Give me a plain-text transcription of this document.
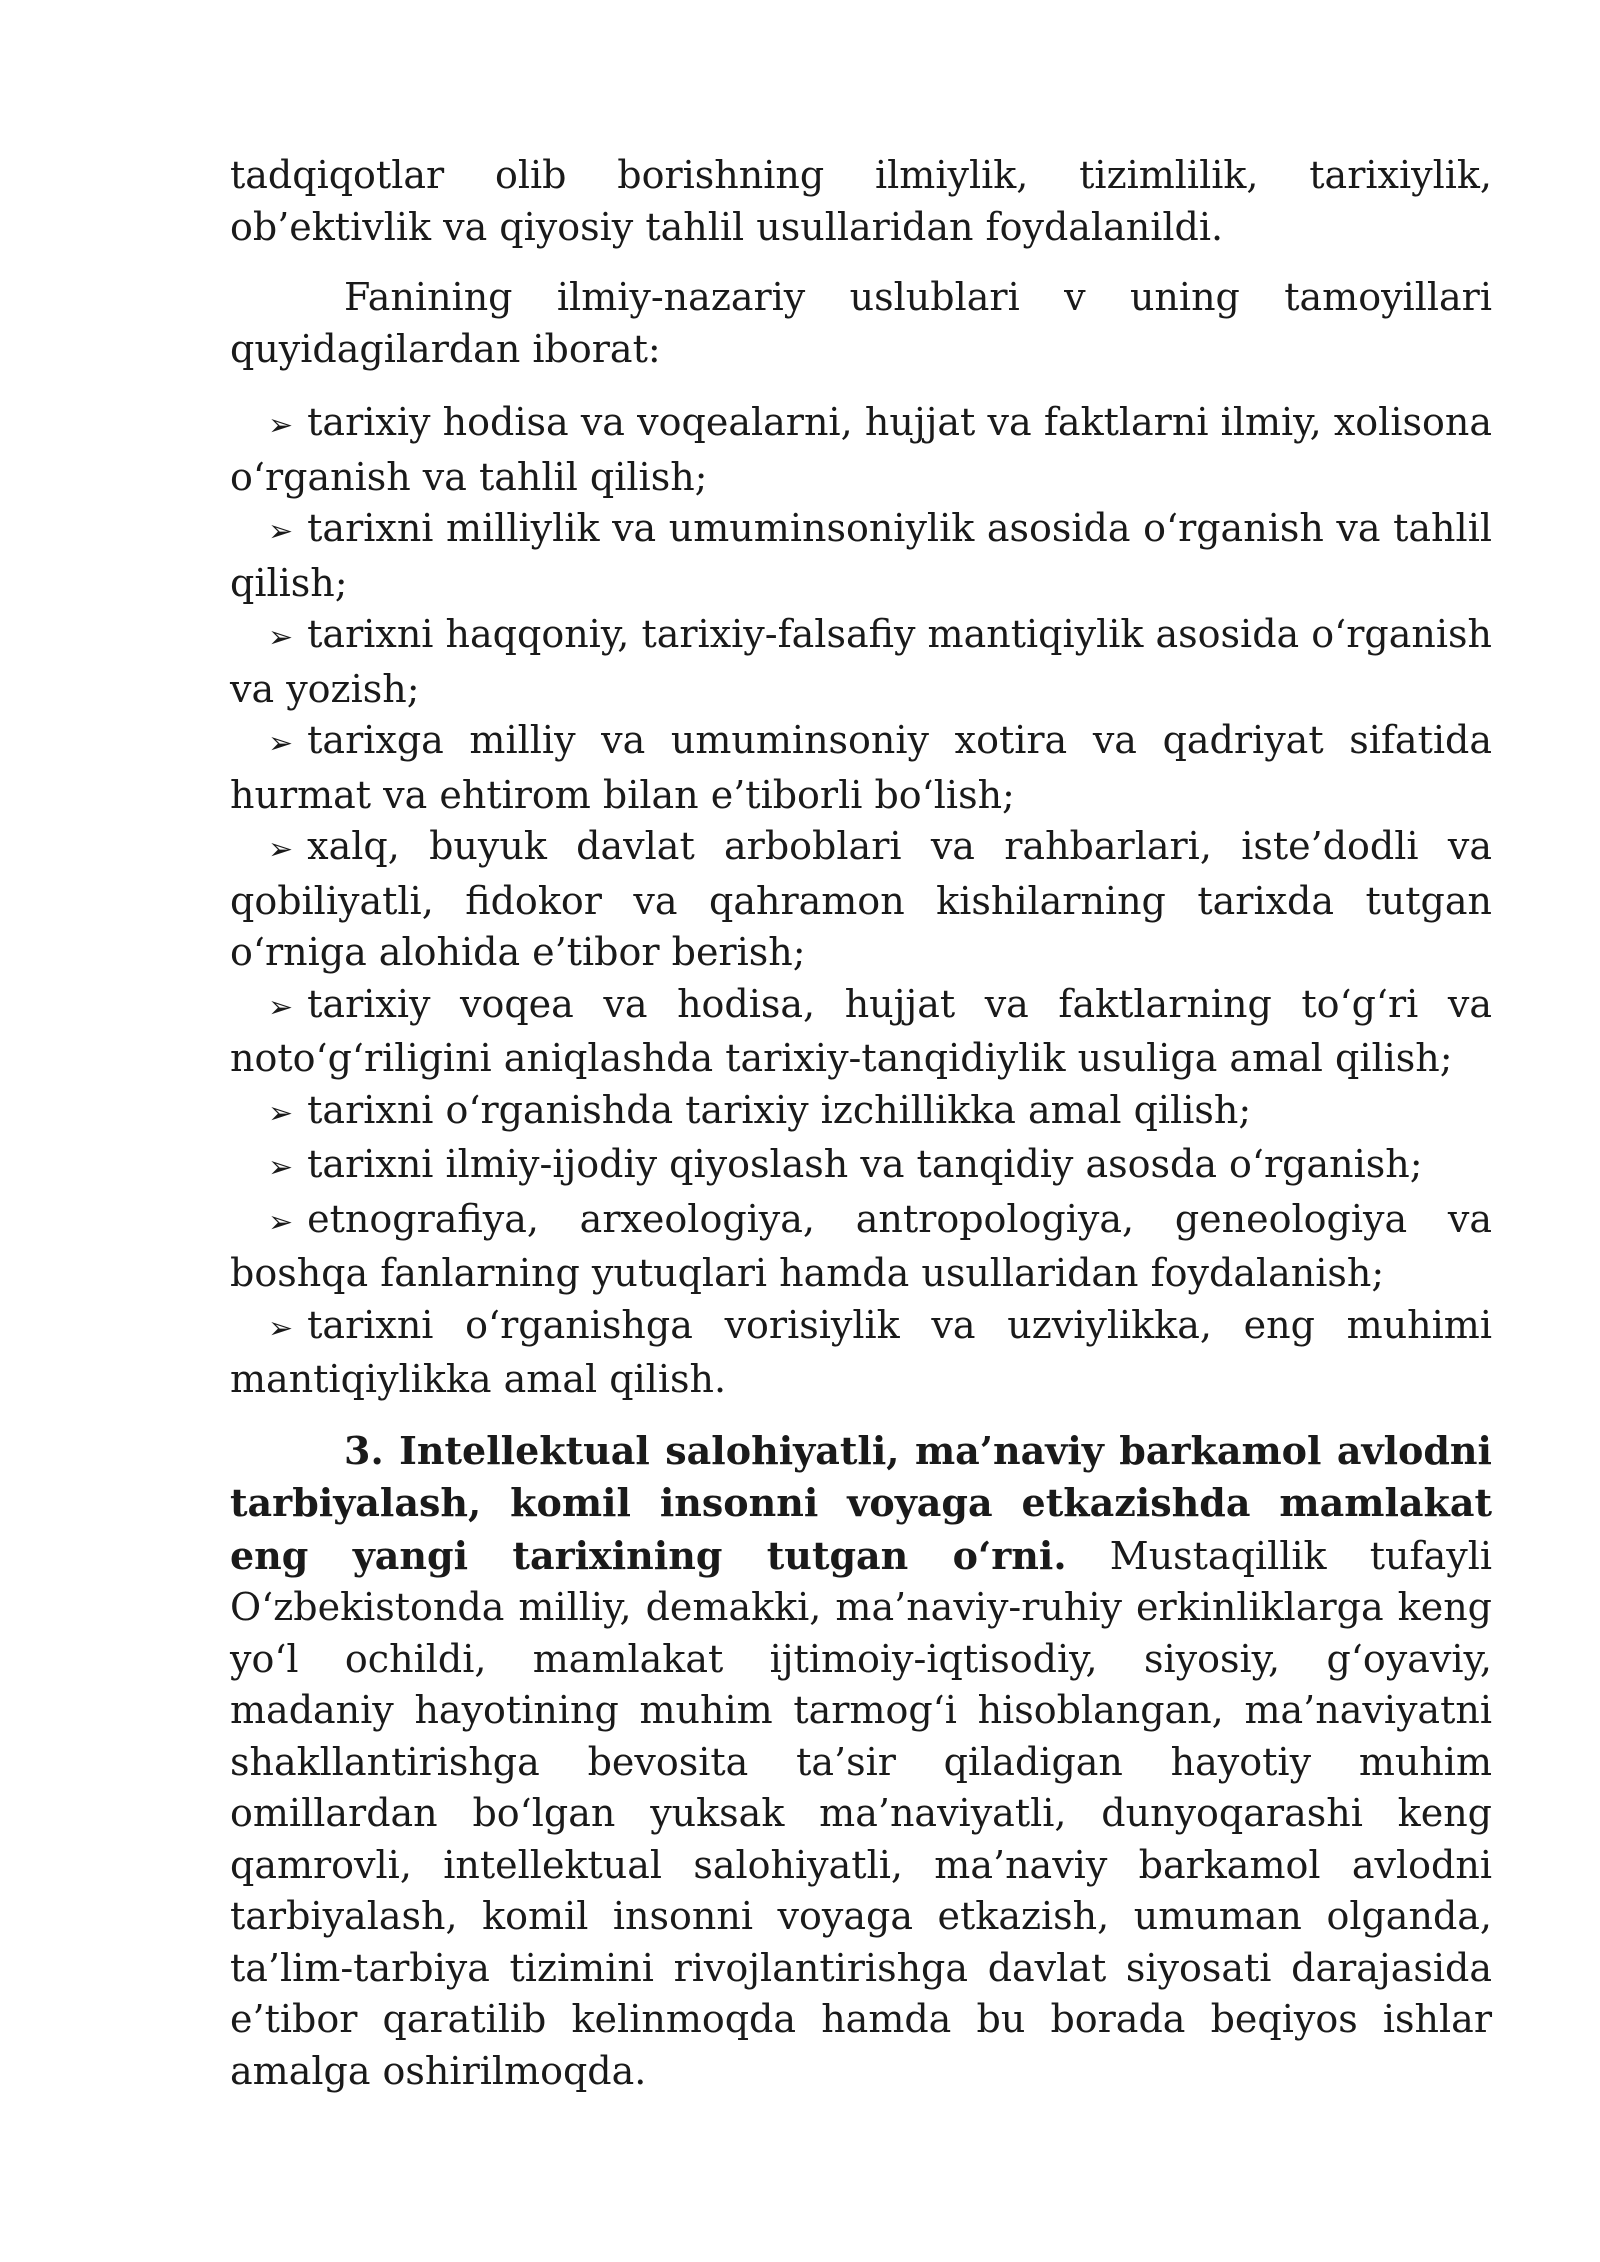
tadqiqotlar olib borishning ilmiylik, tizimlilik, tarixiylik, ob’ektivlik va qiyosiy tahlil usullaridan foydalanildi.

Fanining ilmiy-nazariy uslublari v uning tamoyillari quyidagilardan iborat:

➢ tarixiy hodisa va voqealarni, hujjat va faktlarni ilmiy, xolisona o‘rganish va tahlil qilish;
➢ tarixni milliylik va umuminsoniylik asosida o‘rganish va tahlil qilish;
➢ tarixni haqqoniy, tarixiy-falsafiy mantiqiylik asosida o‘rganish va yozish;
➢ tarixga milliy va umuminsoniy xotira va qadriyat sifatida hurmat va ehtirom bilan e’tiborli bo‘lish;
➢ xalq, buyuk davlat arboblari va rahbarlari, iste’dodli va qobiliyatli, fidokor va qahramon kishilarning tarixda tutgan o‘rniga alohida e’tibor berish;
➢ tarixiy voqea va hodisa, hujjat va faktlarning to‘g‘ri va noto‘g‘riligini aniqlashda tarixiy-tanqidiylik usuliga amal qilish;
➢ tarixni o‘rganishda tarixiy izchillikka amal qilish;
➢ tarixni ilmiy-ijodiy qiyoslash va tanqidiy asosda o‘rganish;
➢ etnografiya, arxeologiya, antropologiya, geneologiya va boshqa fanlarning yutuqlari hamda usullaridan foydalanish;
➢ tarixni o‘rganishga vorisiylik va uzviylikka, eng muhimi mantiqiylikka amal qilish.

3. Intellektual salohiyatli, ma’naviy barkamol avlodni tarbiyalash, komil insonni voyaga etkazishda mamlakat eng yangi tarixining tutgan o‘rni. Mustaqillik tufayli O‘zbekistonda milliy, demakki, ma’naviy-ruhiy erkinliklarga keng yo‘l ochildi, mamlakat ijtimoiy-iqtisodiy, siyosiy, g‘oyaviy, madaniy hayotining muhim tarmog‘i hisoblangan, ma’naviyatni shakllantirishga bevosita ta’sir qiladigan hayotiy muhim omillardan bo‘lgan yuksak ma’naviyatli, dunyoqarashi keng qamrovli, intellektual salohiyatli, ma’naviy barkamol avlodni tarbiyalash, komil insonni voyaga etkazish, umuman olganda, ta’lim-tarbiya tizimini rivojlantirishga davlat siyosati darajasida e’tibor qaratilib kelinmoqda hamda bu borada beqiyos ishlar amalga oshirilmoqda.
